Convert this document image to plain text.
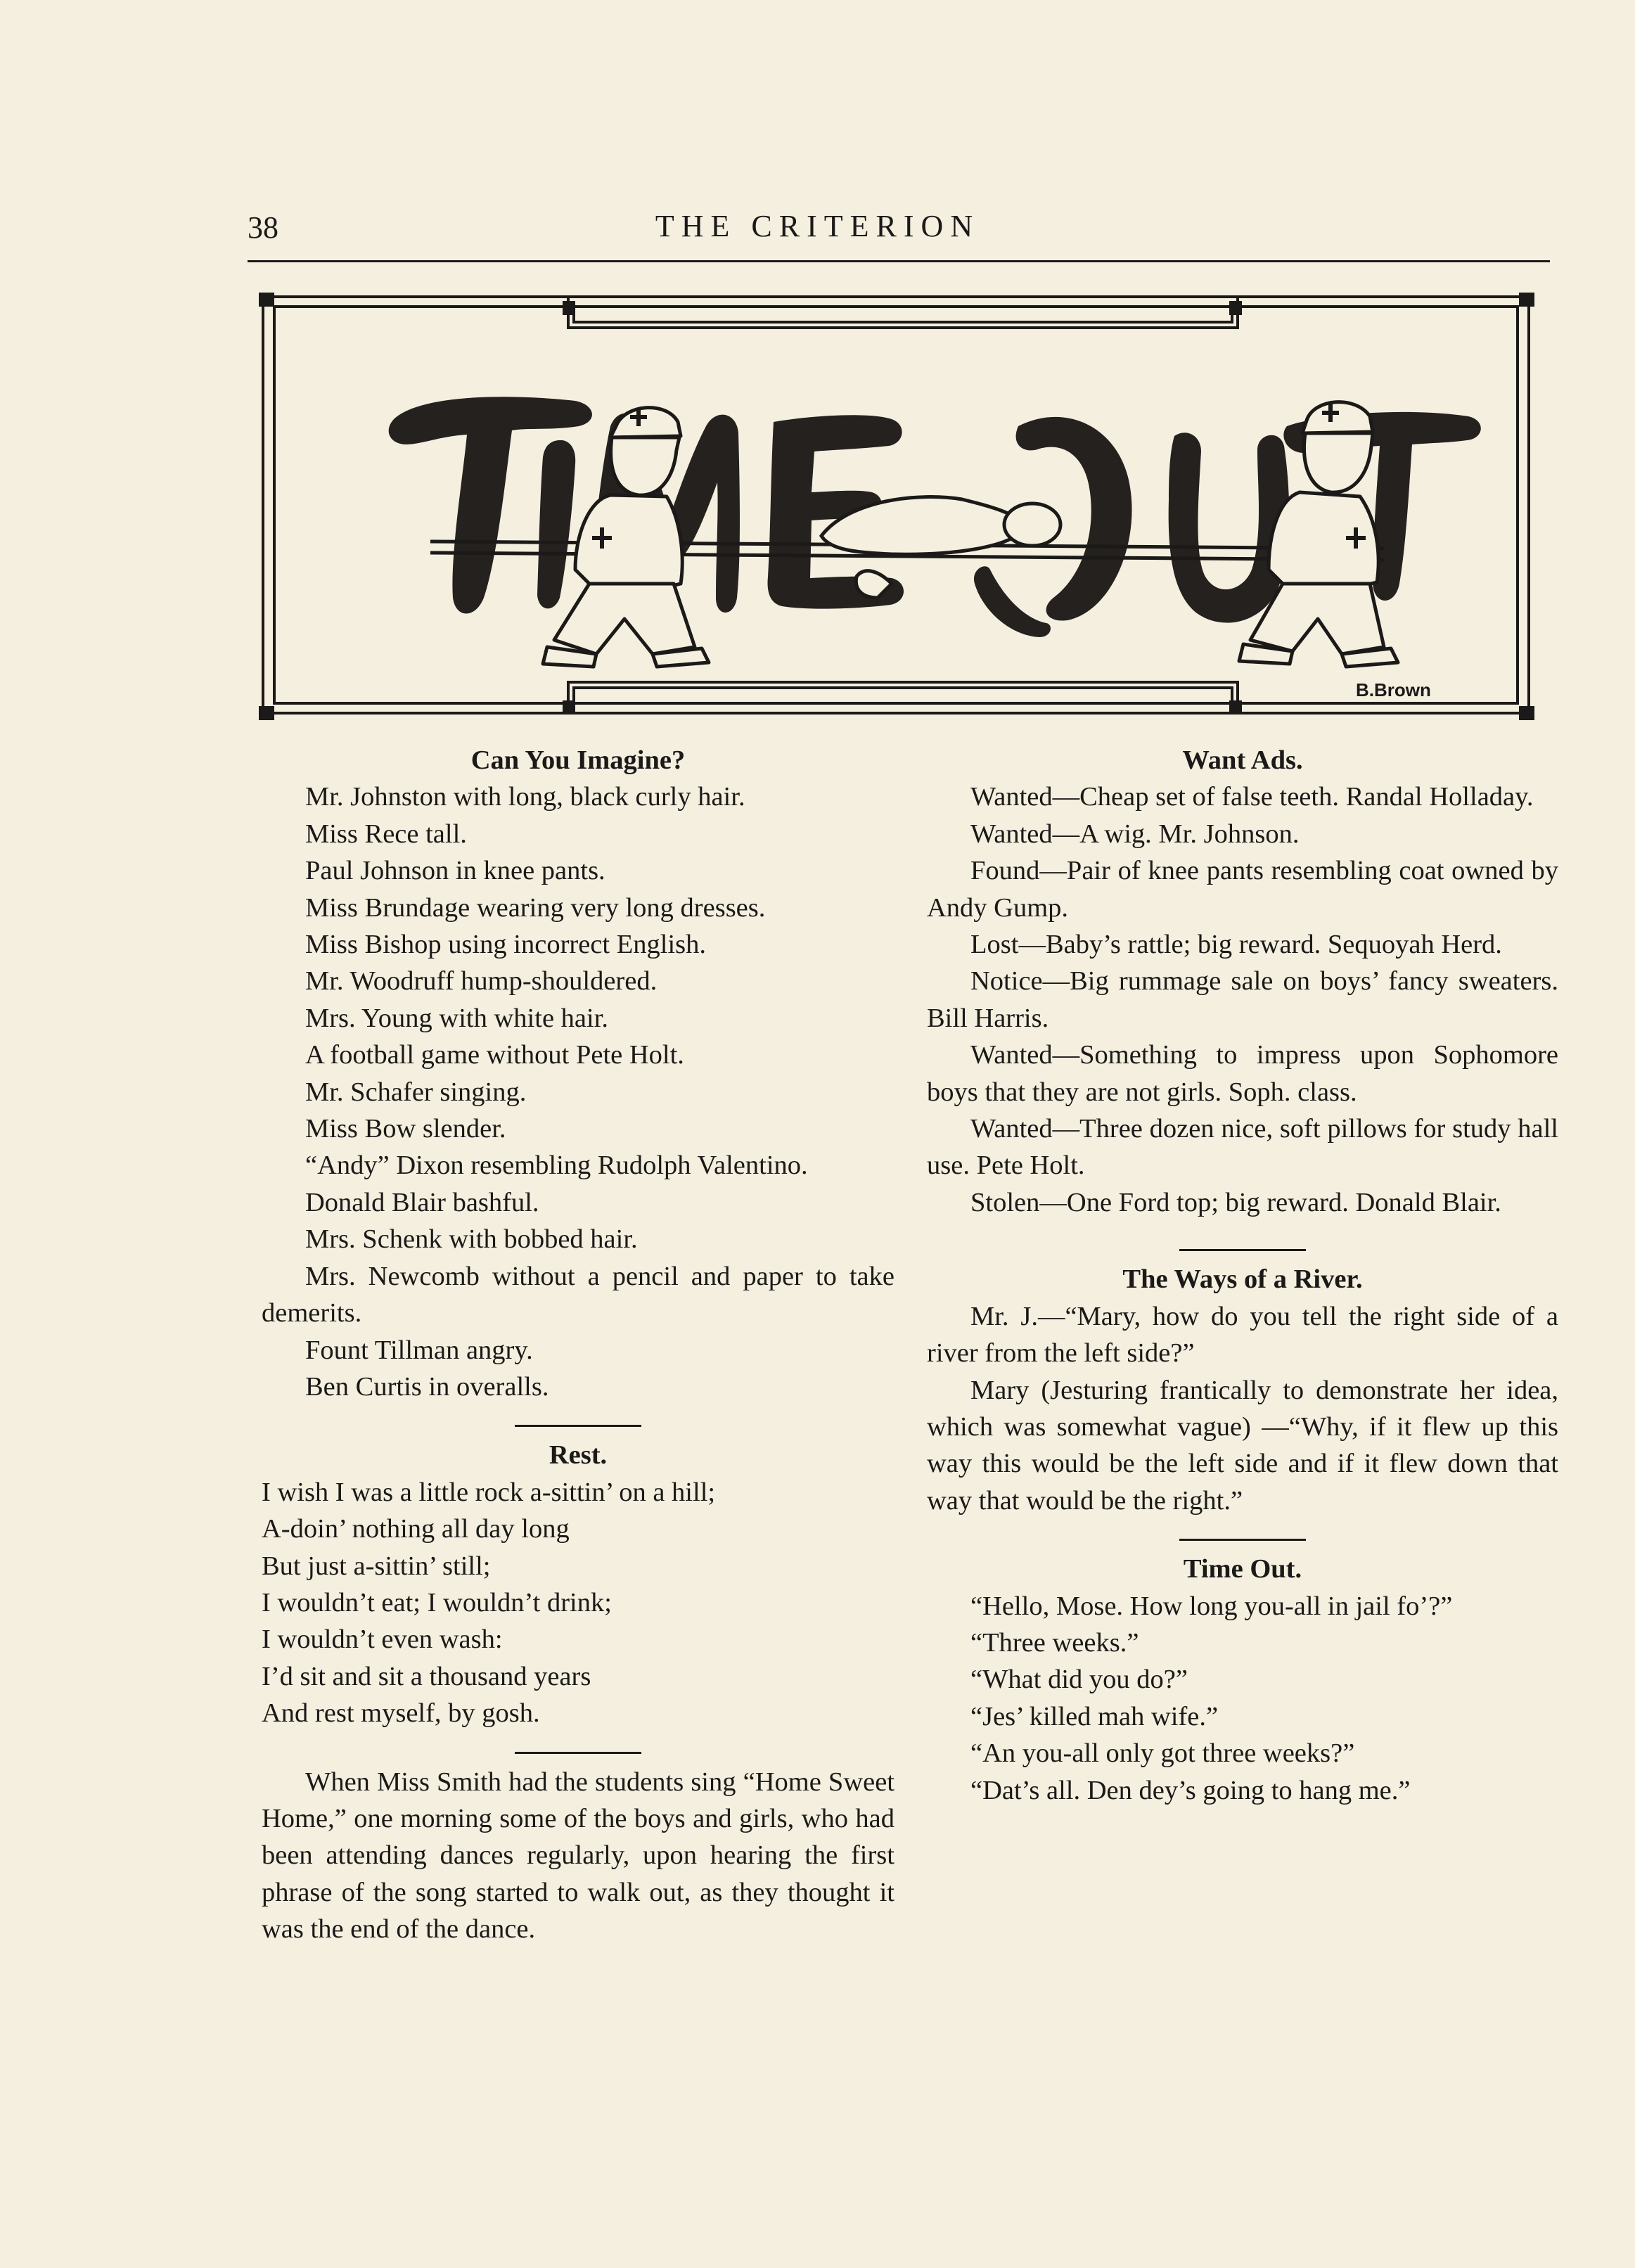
38	THE CRITERION
B.Brown

Can You Imagine?

Mr. Johnston with long, black curly hair.

Miss Rece tall.

Paul Johnson in knee pants.

Miss Brundage wearing very long dresses.

Miss Bishop using incorrect English.

Mr. Woodruff hump-shouldered.

Mrs. Young with white hair.

A football game without Pete Holt.

Mr. Schafer singing.

Miss Bow slender.

“Andy” Dixon resembling Rudolph Valentino.

Donald Blair bashful.

Mrs. Schenk with bobbed hair.

Mrs. Newcomb without a pencil and paper to take demerits.

Fount Tillman angry.

Ben Curtis in overalls.

Rest.

I wish I was a little rock a-sittin’ on a hill;

A-doin’ nothing all day long

But just a-sittin’ still;

I wouldn’t eat; I wouldn’t drink;

I wouldn’t even wash:

I’d sit and sit a thousand years

And rest myself, by gosh.

When Miss Smith had the students sing “Home Sweet Home,” one morning some of the boys and girls, who had been attending dances regularly, upon hearing the first phrase of the song started to walk out, as they thought it was the end of the dance.

Want Ads.

Wanted—Cheap set of false teeth. Randal Holladay.

Wanted—A wig. Mr. Johnson.

Found—Pair of knee pants resembling coat owned by Andy Gump.

Lost—Baby’s rattle; big reward. Sequoyah Herd.

Notice—Big rummage sale on boys’ fancy sweaters. Bill Harris.

Wanted—Something to impress upon Sophomore boys that they are not girls. Soph. class.

Wanted—Three dozen nice, soft pillows for study hall use. Pete Holt.

Stolen—One Ford top; big reward. Donald Blair.

The Ways of a River.

Mr. J.—“Mary, how do you tell the right side of a river from the left side?”

Mary (Jesturing frantically to demonstrate her idea, which was somewhat vague) —“Why, if it flew up this way this would be the left side and if it flew down that way that would be the right.”

Time Out.

“Hello, Mose. How long you-all in jail fo’?”

“Three weeks.”

“What did you do?”

“Jes’ killed mah wife.”

“An you-all only got three weeks?”

“Dat’s all. Den dey’s going to hang me.”
